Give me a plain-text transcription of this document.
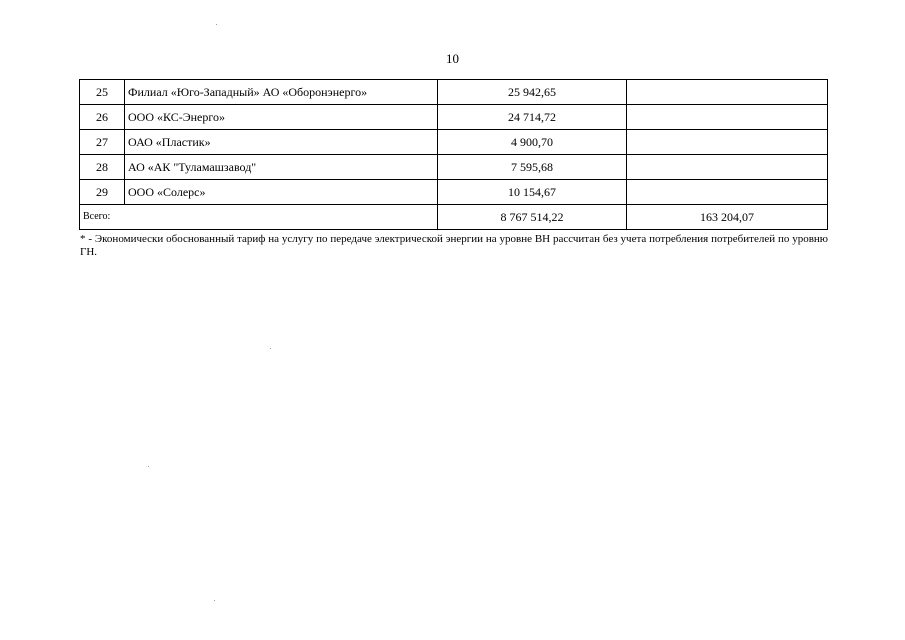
10
25	Филиал «Юго-Западный» АО «Оборонэнерго»	25 942,65	
26	ООО «КС-Энерго»	24 714,72	
27	ОАО «Пластик»	4 900,70	
28	АО «АК "Туламашзавод"	7 595,68	
29	ООО «Солерс»	10 154,67	
Всего:		8 767 514,22	163 204,07
* - Экономически обоснованный тариф на услугу по передаче электрической энергии на уровне ВН рассчитан без учета потребления потребителей по уровню ГН.
